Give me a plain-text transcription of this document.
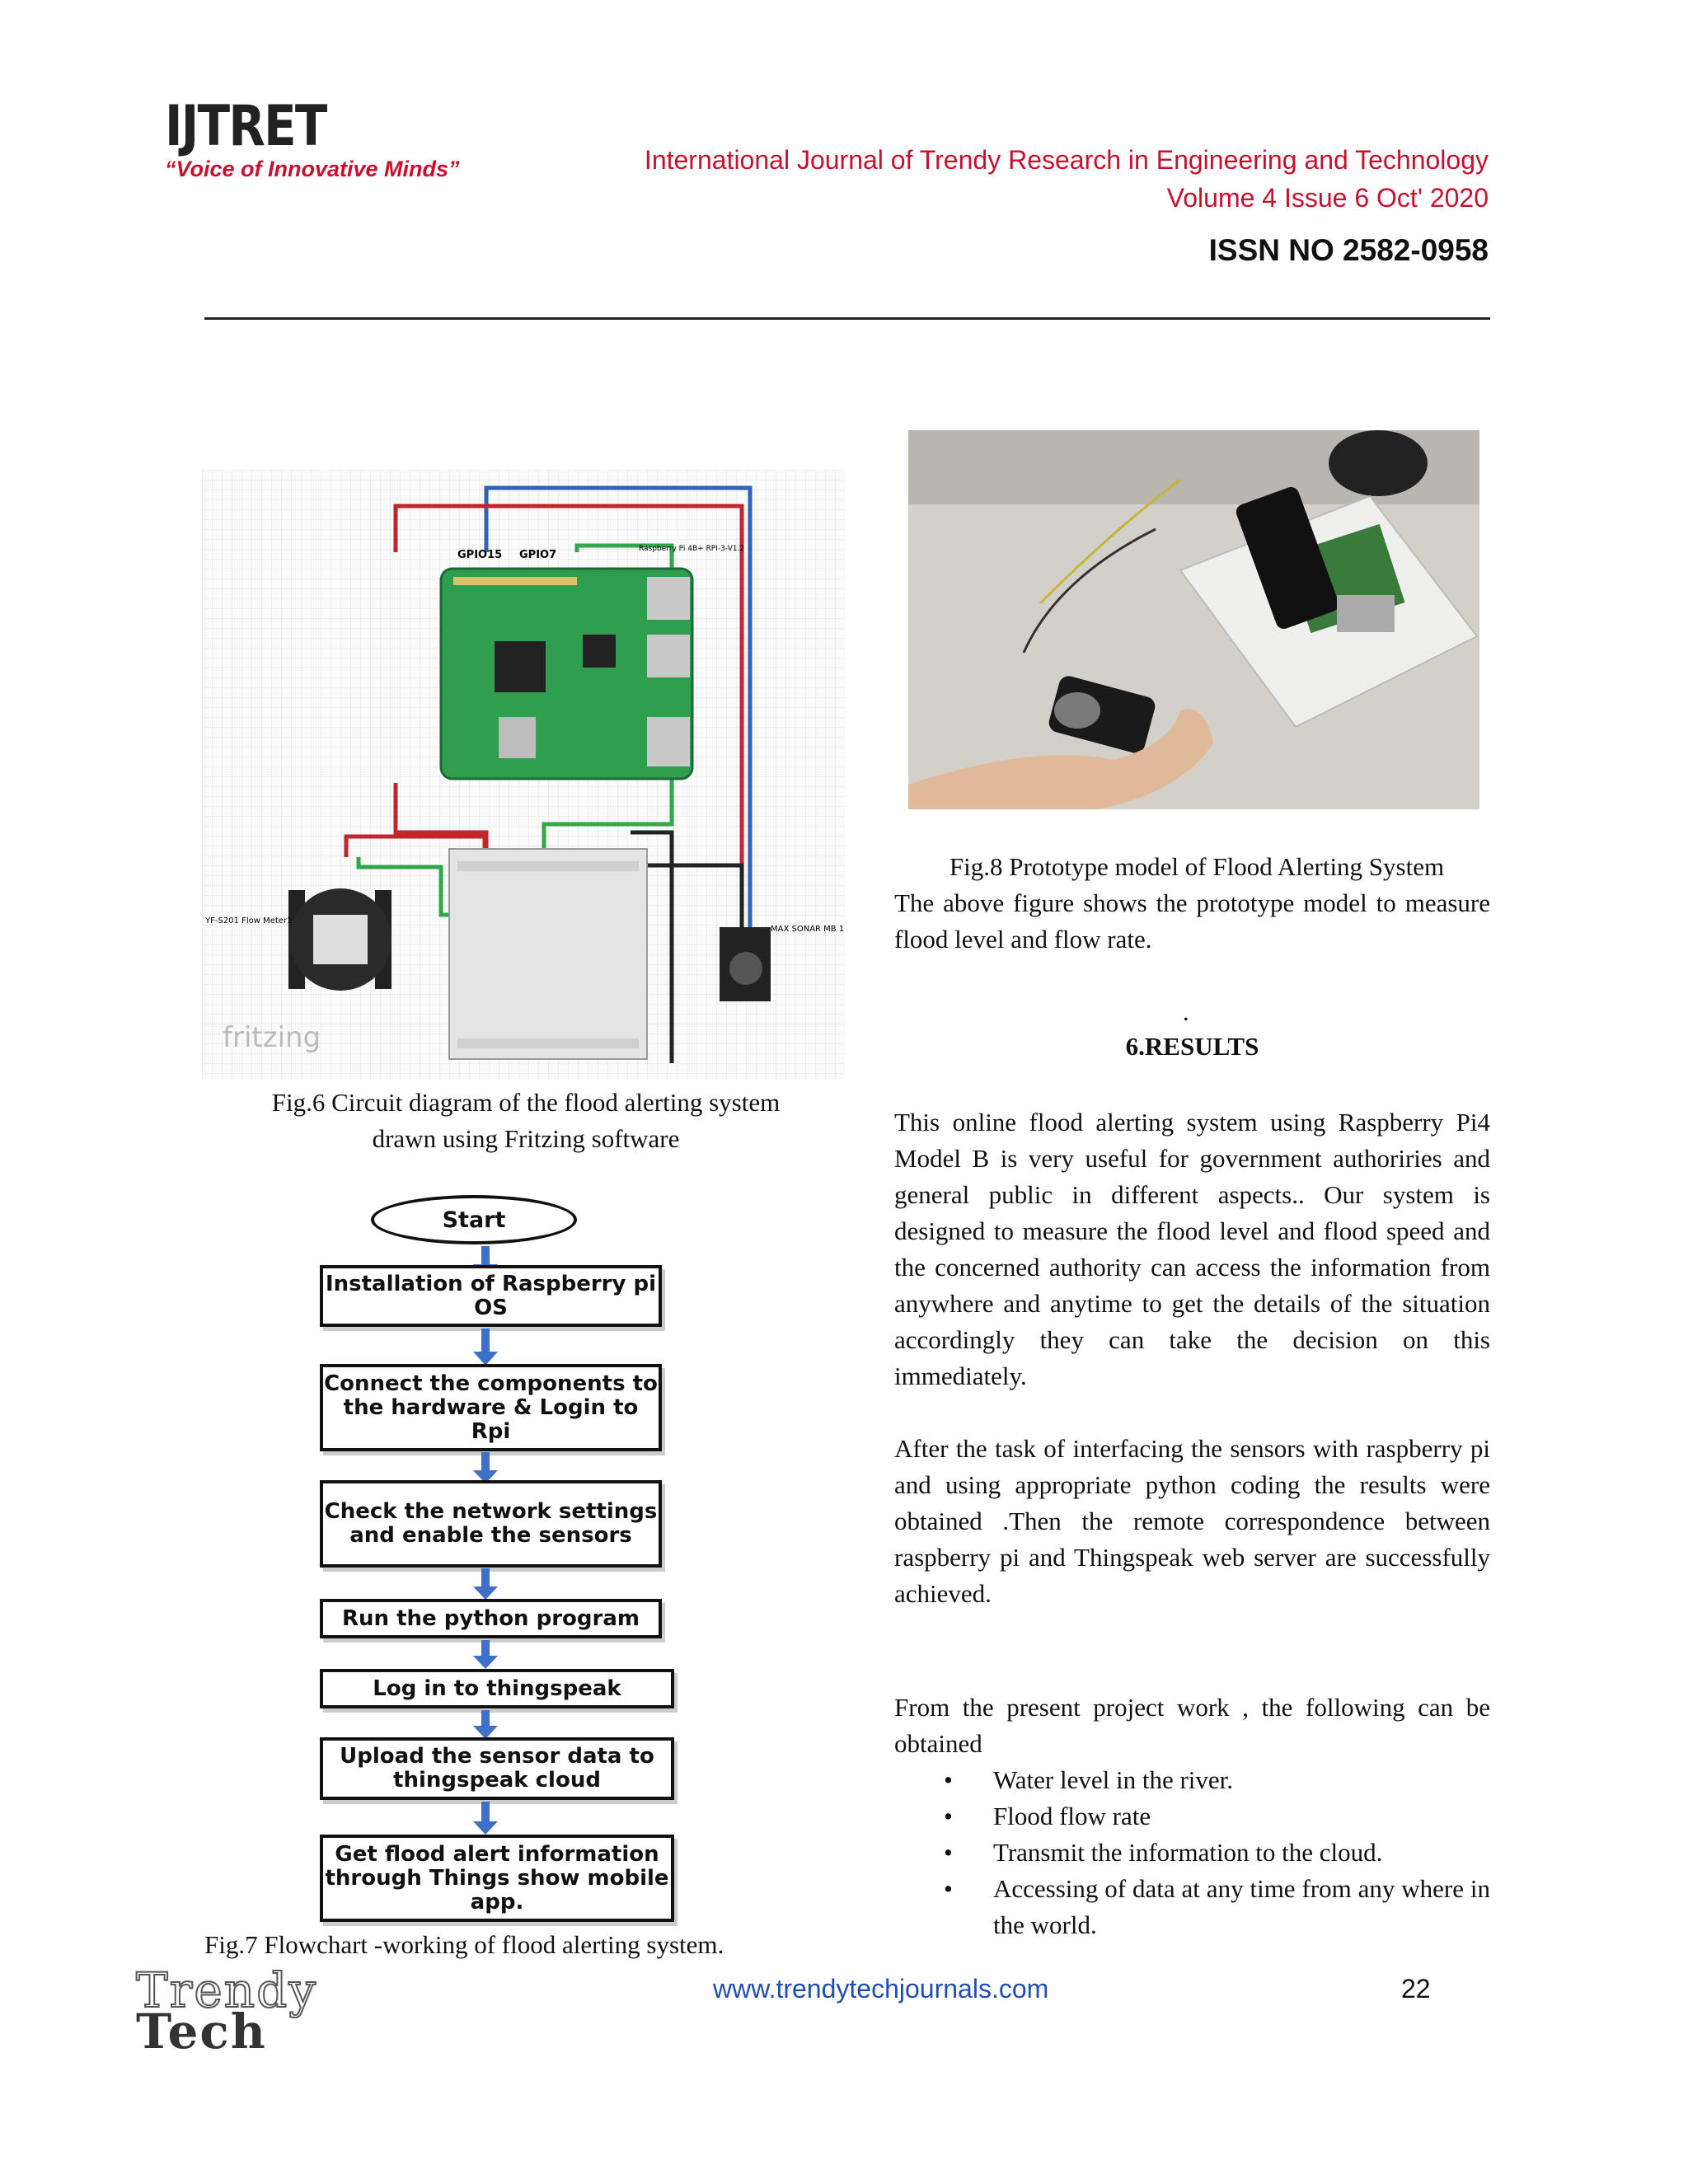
IJTRET
“Voice of Innovative Minds”	International Journal of Trendy Research in Engineering and Technology
Volume 4 Issue 6 Oct' 2020
ISSN NO 2582-0958
GPIO15 GPIO7	Raspberry Pi 4B+ RPI-3-V1.2
YF-S201 Flow Meter1
MAX SONAR MB 1
fritzing
Fig.6 Circuit diagram of the flood alerting system
drawn using Fritzing software
Start
Installation of Raspberry pi OS
Connect the components to the hardware & Login to Rpi
Check the network settings and enable the sensors
Run the python program
Log in to thingspeak
Upload the sensor data to thingspeak cloud
Get flood alert information through Things show mobile app.
Fig.7 Flowchart -working of flood alerting system.
Fig.8 Prototype model of Flood Alerting System
The above figure shows the prototype model to measure flood level and flow rate.
.
6.RESULTS
This online flood alerting system using Raspberry Pi4 Model B is very useful for government authoriries and general public in different aspects.. Our system is designed to measure the flood level and flood speed and the concerned authority can access the information from anywhere and anytime to get the details of the situation accordingly they can take the decision on this immediately.
After the task of interfacing the sensors with raspberry pi and using appropriate python coding the results were obtained .Then the remote correspondence between raspberry pi and Thingspeak web server are successfully achieved.
From the present project work , the following can be obtained
• Water level in the river.
• Flood flow rate
• Transmit the information to the cloud.
• Accessing of data at any time from any where in the world.
Trendy
Tech
www.trendytechjournals.com	22
